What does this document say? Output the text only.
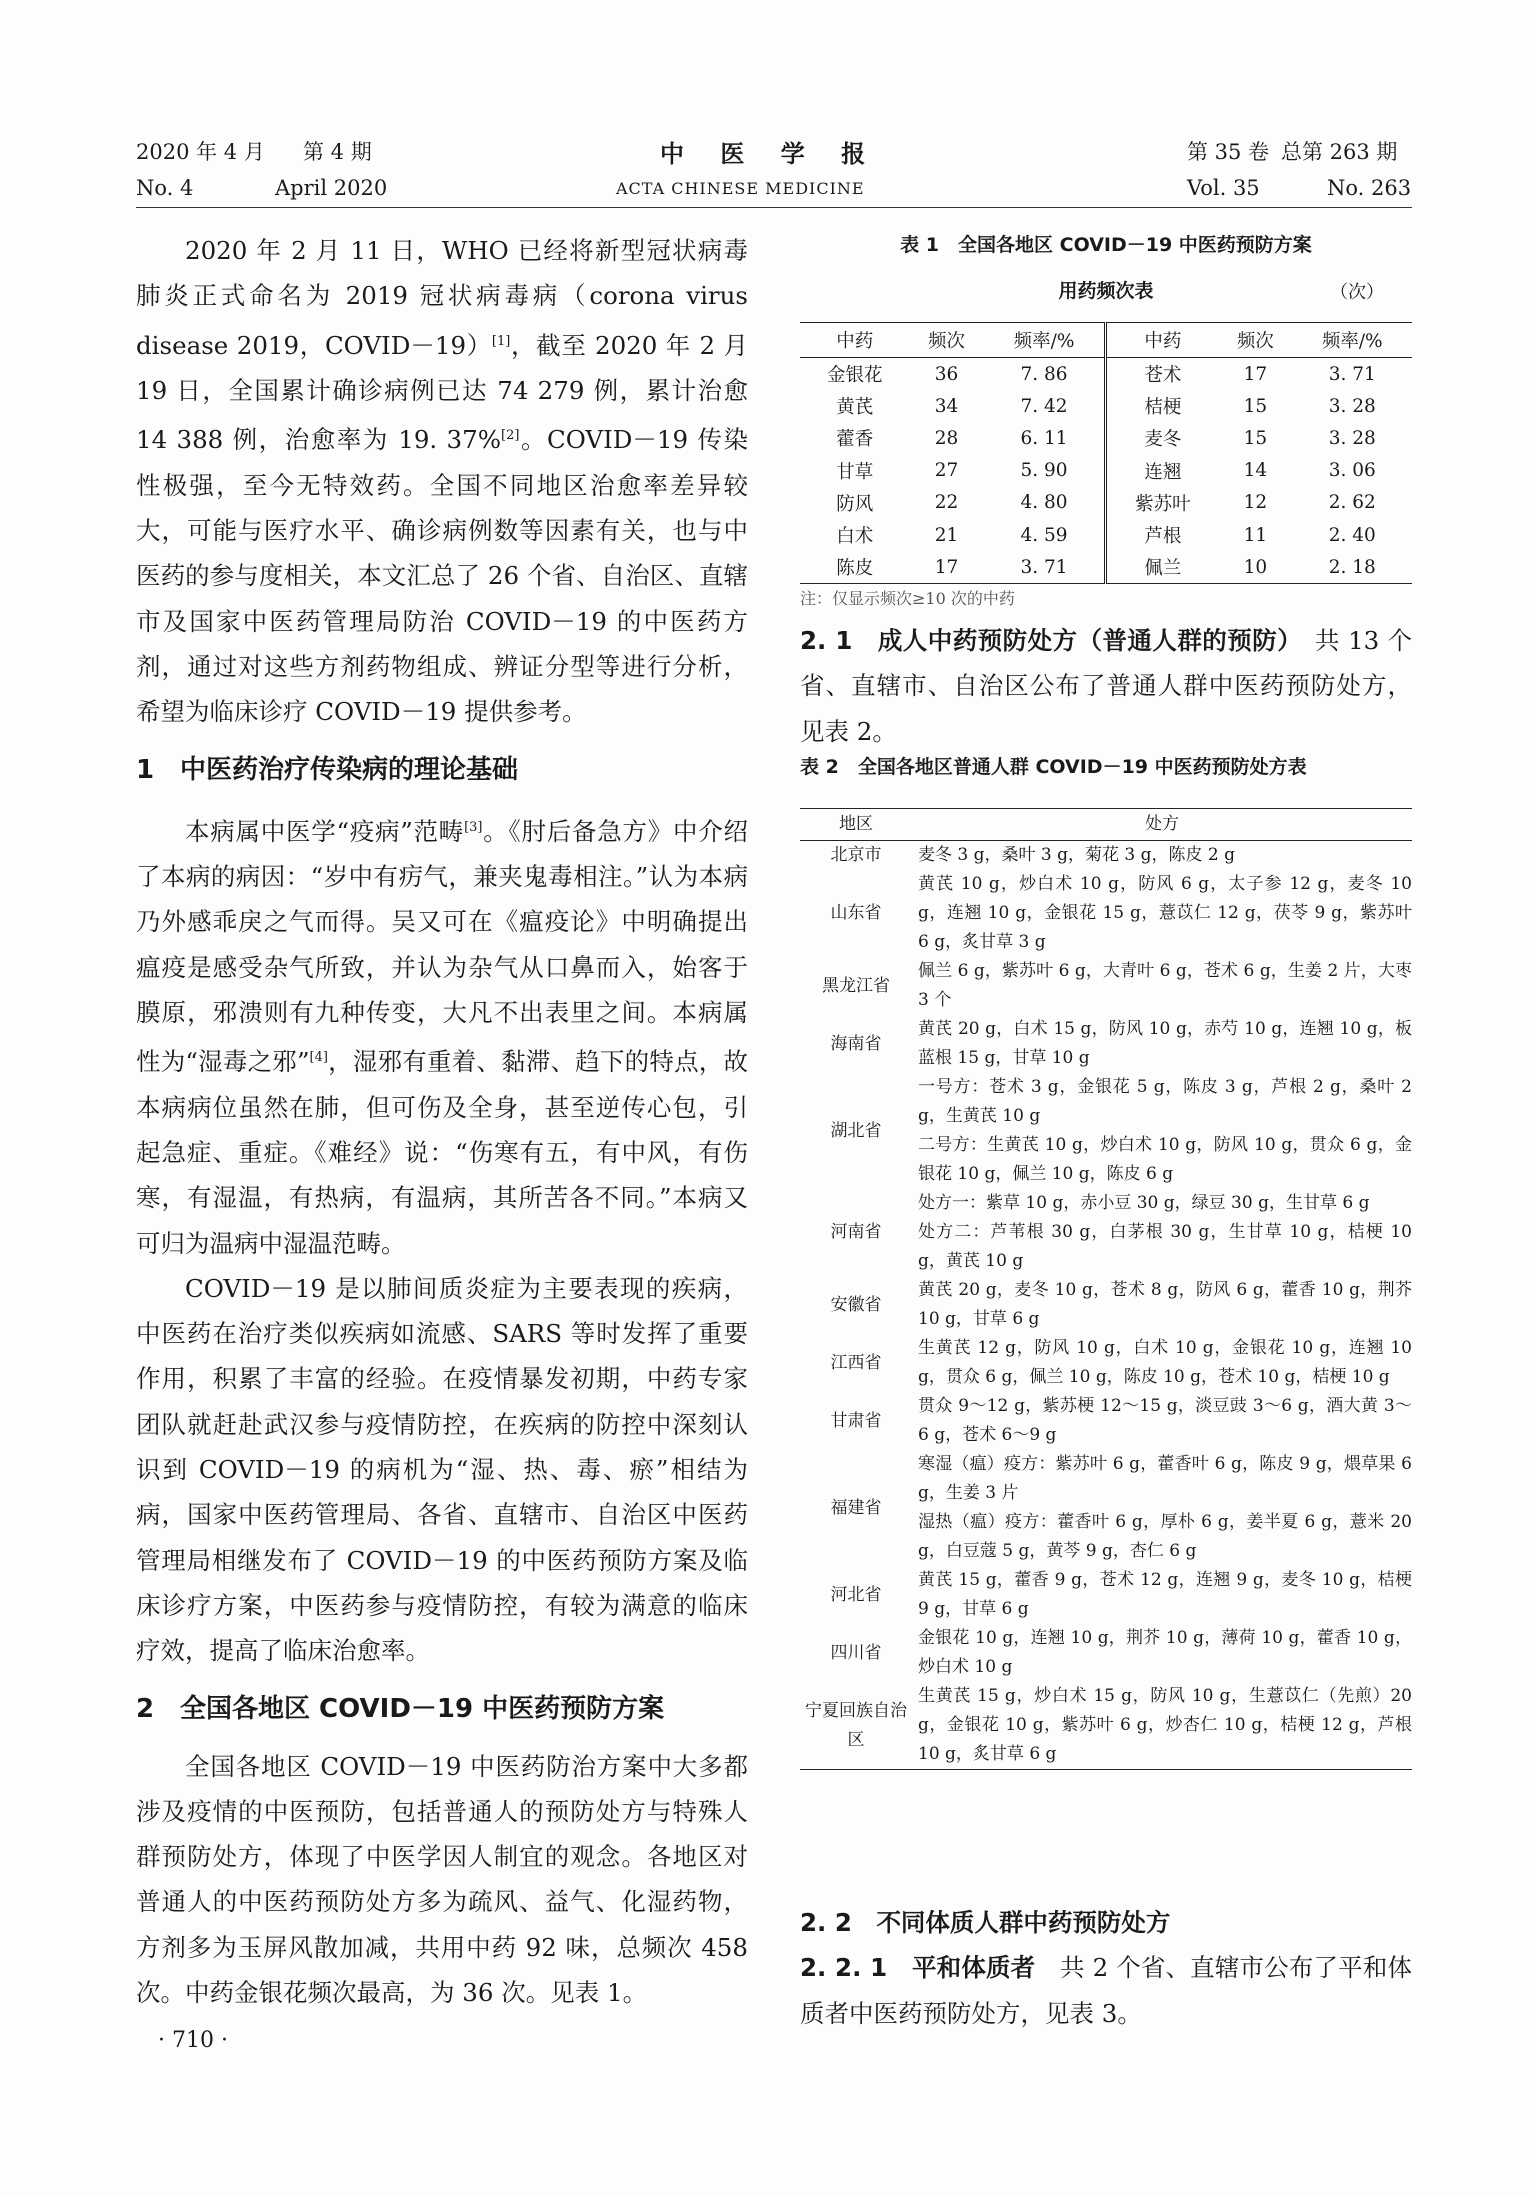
2020 年 4 月 第 4 期	中 医 学 报	第 35 卷 总第 263 期
No. 4	April 2020	ACTA CHINESE MEDICINE	Vol. 35	No. 263

2020 年 2 月 11 日，WHO 已经将新型冠状病毒肺炎正式命名为 2019 冠状病毒病（corona virus disease 2019，COVID－19）[1]，截至 2020 年 2 月 19 日，全国累计确诊病例已达 74 279 例，累计治愈 14 388 例，治愈率为 19. 37%[2]。COVID－19 传染性极强，至今无特效药。全国不同地区治愈率差异较大，可能与医疗水平、确诊病例数等因素有关，也与中医药的参与度相关，本文汇总了 26 个省、自治区、直辖市及国家中医药管理局防治 COVID－19 的中医药方剂，通过对这些方剂药物组成、辨证分型等进行分析，希望为临床诊疗 COVID－19 提供参考。

1 中医药治疗传染病的理论基础

本病属中医学“疫病”范畴[3]。《肘后备急方》中介绍了本病的病因：“岁中有疠气，兼夹鬼毒相注。”认为本病乃外感乖戾之气而得。吴又可在《瘟疫论》中明确提出瘟疫是感受杂气所致，并认为杂气从口鼻而入，始客于膜原，邪溃则有九种传变，大凡不出表里之间。本病属性为“湿毒之邪”[4]，湿邪有重着、黏滞、趋下的特点，故本病病位虽然在肺，但可伤及全身，甚至逆传心包，引起急症、重症。《难经》说：“伤寒有五，有中风，有伤寒，有湿温，有热病，有温病，其所苦各不同。”本病又可归为温病中湿温范畴。

COVID－19 是以肺间质炎症为主要表现的疾病，中医药在治疗类似疾病如流感、SARS 等时发挥了重要作用，积累了丰富的经验。在疫情暴发初期，中药专家团队就赶赴武汉参与疫情防控，在疾病的防控中深刻认识到 COVID－19 的病机为“湿、热、毒、瘀”相结为病，国家中医药管理局、各省、直辖市、自治区中医药管理局相继发布了 COVID－19 的中医药预防方案及临床诊疗方案，中医药参与疫情防控，有较为满意的临床疗效，提高了临床治愈率。

2 全国各地区 COVID－19 中医药预防方案

全国各地区 COVID－19 中医药防治方案中大多都涉及疫情的中医预防，包括普通人的预防处方与特殊人群预防处方，体现了中医学因人制宜的观念。各地区对普通人的中医药预防处方多为疏风、益气、化湿药物，方剂多为玉屏风散加减，共用中药 92 味，总频次 458 次。中药金银花频次最高，为 36 次。见表 1。

· 710 ·
表 1　全国各地区 COVID－19 中医药预防方案
用药频次表	（次）
中药	频次	频率/%	中药	频次	频率/%
金银花	36	7. 86	苍术	17	3. 71
黄芪	34	7. 42	桔梗	15	3. 28
藿香	28	6. 11	麦冬	15	3. 28
甘草	27	5. 90	连翘	14	3. 06
防风	22	4. 80	紫苏叶	12	2. 62
白术	21	4. 59	芦根	11	2. 40
陈皮	17	3. 71	佩兰	10	2. 18
注：仅显示频次≥10 次的中药
2. 1　 成人中药预防处方（普通人群的预防）　 共 13 个省、直辖市、自治区公布了普通人群中医药预防处方，见表 2。
表 2　全国各地区普通人群 COVID－19 中医药预防处方表
地区	处方
北京市	麦冬 3 g，桑叶 3 g，菊花 3 g，陈皮 2 g
山东省	黄芪 10 g，炒白术 10 g，防风 6 g，太子参 12 g，麦冬 10 g，连翘 10 g，金银花 15 g，薏苡仁 12 g，茯苓 9 g，紫苏叶 6 g，炙甘草 3 g
黑龙江省	佩兰 6 g，紫苏叶 6 g，大青叶 6 g，苍术 6 g，生姜 2 片，大枣 3 个
海南省	黄芪 20 g，白术 15 g，防风 10 g，赤芍 10 g，连翘 10 g，板蓝根 15 g，甘草 10 g
湖北省	一号方：苍术 3 g，金银花 5 g，陈皮 3 g，芦根 2 g，桑叶 2 g，生黄芪 10 g
	二号方：生黄芪 10 g，炒白术 10 g，防风 10 g，贯众 6 g，金银花 10 g，佩兰 10 g，陈皮 6 g
河南省	处方一：紫草 10 g，赤小豆 30 g，绿豆 30 g，生甘草 6 g
	处方二：芦苇根 30 g，白茅根 30 g，生甘草 10 g，桔梗 10 g，黄芪 10 g
安徽省	黄芪 20 g，麦冬 10 g，苍术 8 g，防风 6 g，藿香 10 g，荆芥 10 g，甘草 6 g
江西省	生黄芪 12 g，防风 10 g，白术 10 g，金银花 10 g，连翘 10 g，贯众 6 g，佩兰 10 g，陈皮 10 g，苍术 10 g，桔梗 10 g
甘肃省	贯众 9～12 g，紫苏梗 12～15 g，淡豆豉 3～6 g，酒大黄 3～6 g，苍术 6～9 g
福建省	寒湿（瘟）疫方：紫苏叶 6 g，藿香叶 6 g，陈皮 9 g，煨草果 6 g，生姜 3 片
	湿热（瘟）疫方：藿香叶 6 g，厚朴 6 g，姜半夏 6 g，薏米 20 g，白豆蔻 5 g，黄芩 9 g，杏仁 6 g
河北省	黄芪 15 g，藿香 9 g，苍术 12 g，连翘 9 g，麦冬 10 g，桔梗 9 g，甘草 6 g
四川省	金银花 10 g，连翘 10 g，荆芥 10 g，薄荷 10 g，藿香 10 g，炒白术 10 g
宁夏回族自治区	生黄芪 15 g，炒白术 15 g，防风 10 g，生薏苡仁（先煎）20 g，金银花 10 g，紫苏叶 6 g，炒杏仁 10 g，桔梗 12 g，芦根 10 g，炙甘草 6 g
2. 2　 不同体质人群中药预防处方
2. 2. 1　 平和体质者　 共 2 个省、直辖市公布了平和体质者中医药预防处方，见表 3。
